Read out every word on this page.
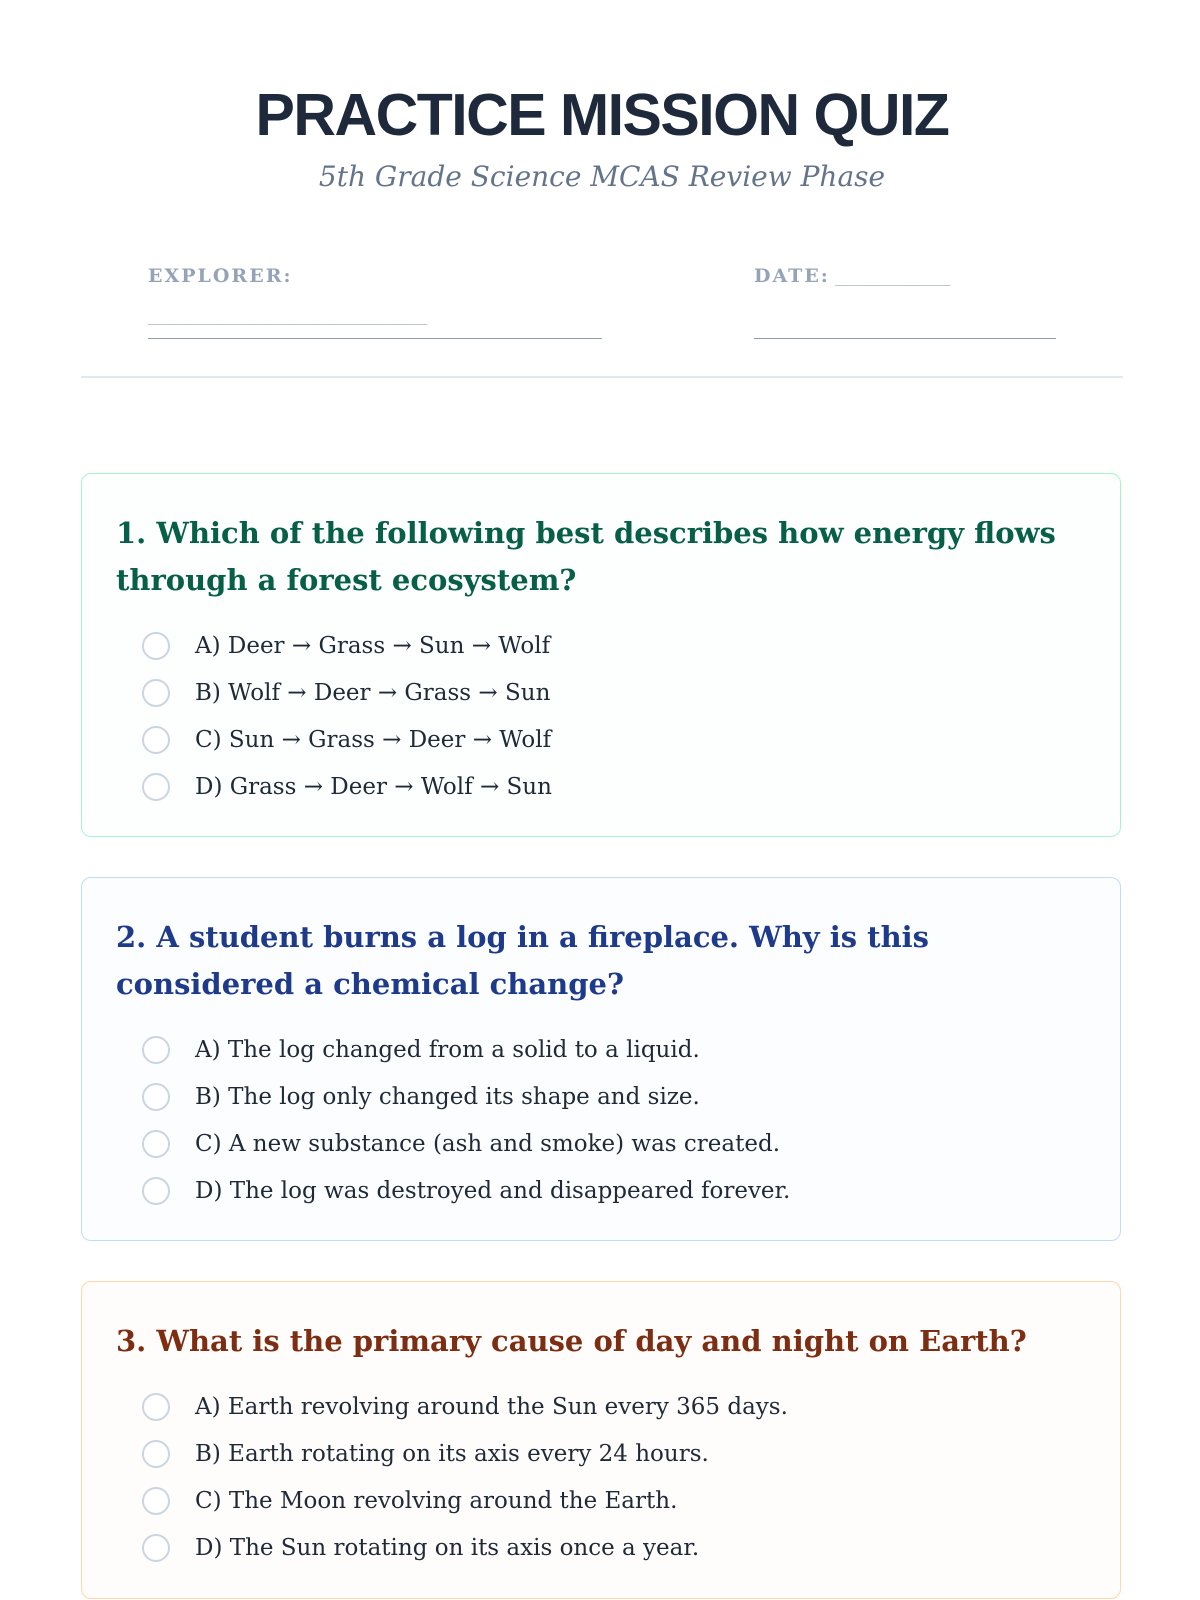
PRACTICE MISSION QUIZ

5th Grade Science MCAS Review Phase

EXPLORER:
_____________________________
DATE: ____________
1. Which of the following best describes how energy flows through a forest ecosystem?
A) Deer → Grass → Sun → Wolf
B) Wolf → Deer → Grass → Sun
C) Sun → Grass → Deer → Wolf
D) Grass → Deer → Wolf → Sun
2. A student burns a log in a fireplace. Why is this considered a chemical change?
A) The log changed from a solid to a liquid.
B) The log only changed its shape and size.
C) A new substance (ash and smoke) was created.
D) The log was destroyed and disappeared forever.
3. What is the primary cause of day and night on Earth?
A) Earth revolving around the Sun every 365 days.
B) Earth rotating on its axis every 24 hours.
C) The Moon revolving around the Earth.
D) The Sun rotating on its axis once a year.
